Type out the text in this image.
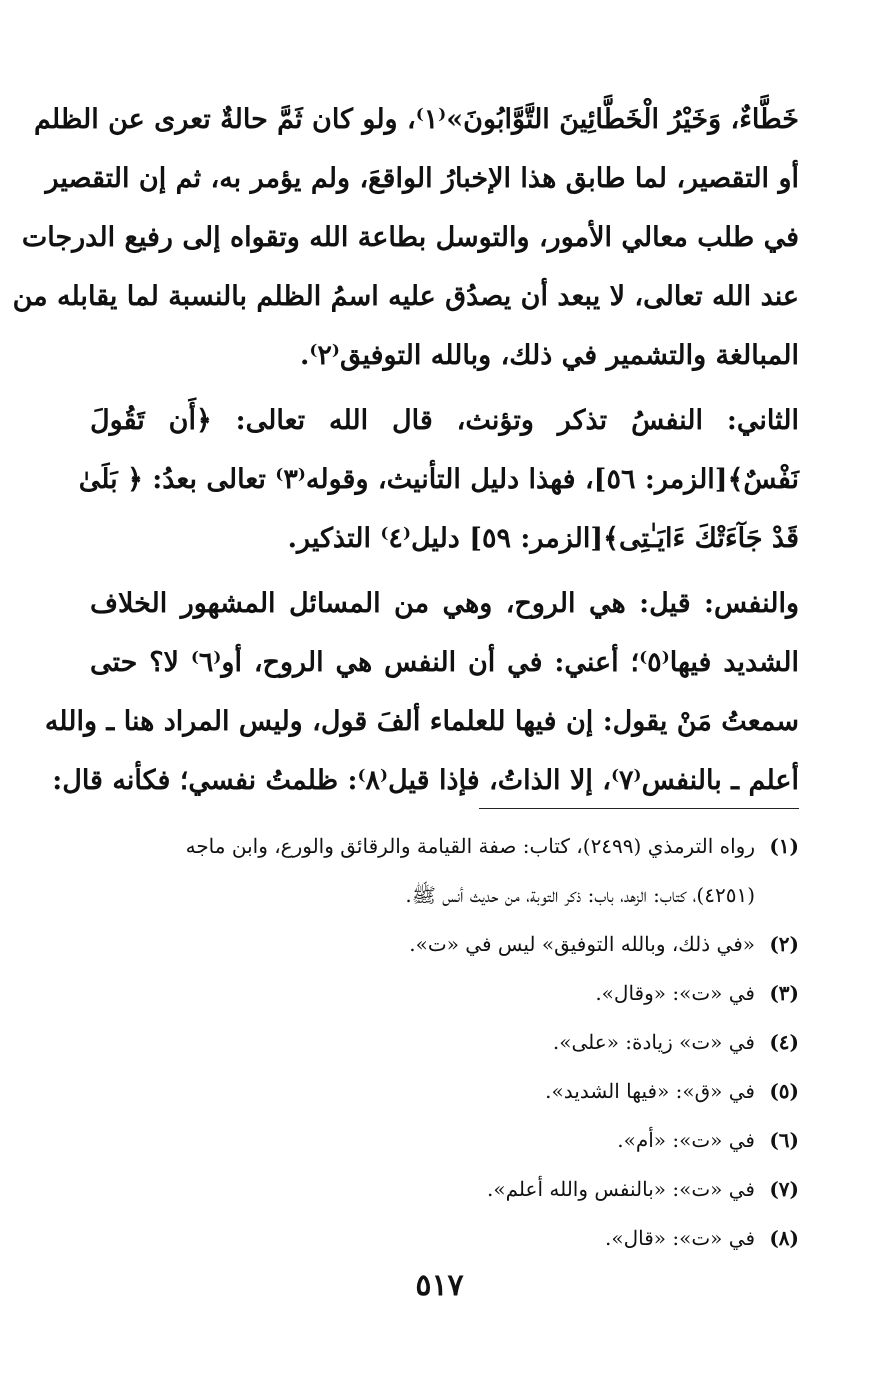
خَطَّاءٌ، وَخَيْرُ الْخَطَّائِينَ التَّوَّابُونَ»⁽١⁾، ولو كان ثَمَّ حالةٌ تعرى عن الظلم
أو التقصير، لما طابق هذا الإخبارُ الواقعَ، ولم يؤمر به، ثم إن التقصير
في طلب معالي الأمور، والتوسل بطاعة الله وتقواه إلى رفيع الدرجات
عند الله تعالى، لا يبعد أن يصدُق عليه اسمُ الظلم بالنسبة لما يقابله من
المبالغة والتشمير في ذلك، وبالله التوفيق⁽٢⁾.
الثاني: النفسُ تذكر وتؤنث، قال الله تعالى: ﴿أَن تَقُولَ
نَفْسٌ﴾[الزمر: ٥٦]، فهذا دليل التأنيث، وقوله⁽٣⁾ تعالى بعدُ: ﴿ بَلَىٰ
قَدْ جَآءَتْكَ ءَايَـٰتِى﴾[الزمر: ٥٩] دليل⁽٤⁾ التذكير.
والنفس: قيل: هي الروح، وهي من المسائل المشهور الخلاف
الشديد فيها⁽٥⁾؛ أعني: في أن النفس هي الروح، أو⁽٦⁾ لا؟ حتى
سمعتُ مَنْ يقول: إن فيها للعلماء ألفَ قول، وليس المراد هنا ـ والله
أعلم ـ بالنفس⁽٧⁾، إلا الذاتُ، فإذا قيل⁽٨⁾: ظلمتُ نفسي؛ فكأنه قال:
(١)
رواه الترمذي (٢٤٩٩)، كتاب: صفة القيامة والرقائق والورع، وابن ماجه
(٤٢٥١)، كتاب: الزهد، باب: ذكر التوبة، من حديث أنس ﷺ.
(٢)
«في ذلك، وبالله التوفيق» ليس في «ت».
(٣)
في «ت»: «وقال».
(٤)
في «ت» زيادة: «على».
(٥)
في «ق»: «فيها الشديد».
(٦)
في «ت»: «أم».
(٧)
في «ت»: «بالنفس والله أعلم».
(٨)
في «ت»: «قال».
٥١٧
